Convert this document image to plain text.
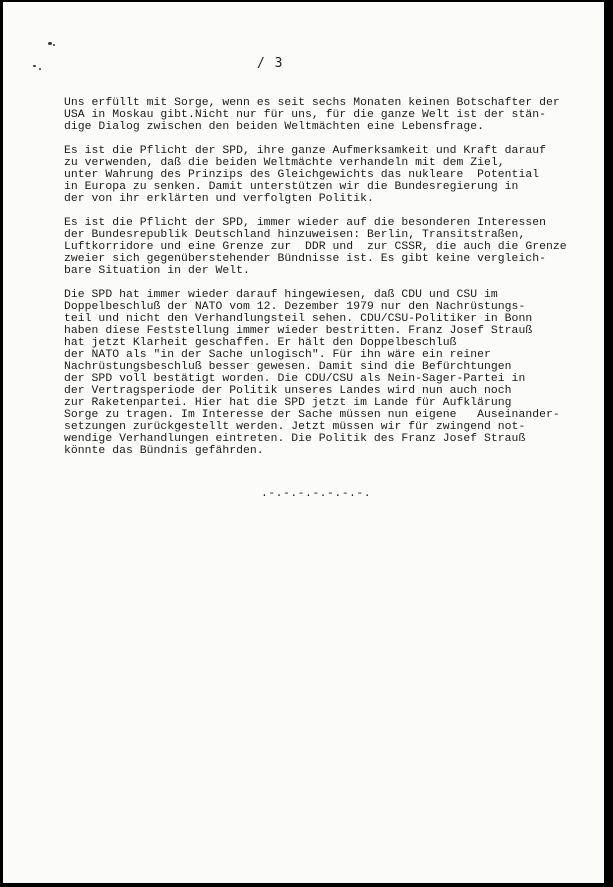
/ 3
Uns erfüllt mit Sorge, wenn es seit sechs Monaten keinen Botschafter der
USA in Moskau gibt.Nicht nur für uns, für die ganze Welt ist der stän-
dige Dialog zwischen den beiden Weltmächten eine Lebensfrage.
Es ist die Pflicht der SPD, ihre ganze Aufmerksamkeit und Kraft darauf
zu verwenden, daß die beiden Weltmächte verhandeln mit dem Ziel,
unter Wahrung des Prinzips des Gleichgewichts das nukleare  Potential
in Europa zu senken. Damit unterstützen wir die Bundesregierung in
der von ihr erklärten und verfolgten Politik.
Es ist die Pflicht der SPD, immer wieder auf die besonderen Interessen
der Bundesrepublik Deutschland hinzuweisen: Berlin, Transitstraßen,
Luftkorridore und eine Grenze zur  DDR und  zur CSSR, die auch die Grenze
zweier sich gegenüberstehender Bündnisse ist. Es gibt keine vergleich-
bare Situation in der Welt.
Die SPD hat immer wieder darauf hingewiesen, daß CDU und CSU im
Doppelbeschluß der NATO vom 12. Dezember 1979 nur den Nachrüstungs-
teil und nicht den Verhandlungsteil sehen. CDU/CSU-Politiker in Bonn
haben diese Feststellung immer wieder bestritten. Franz Josef Strauß
hat jetzt Klarheit geschaffen. Er hält den Doppelbeschluß
der NATO als "in der Sache unlogisch". Für ihn wäre ein reiner
Nachrüstungsbeschluß besser gewesen. Damit sind die Befürchtungen
der SPD voll bestätigt worden. Die CDU/CSU als Nein-Sager-Partei in
der Vertragsperiode der Politik unseres Landes wird nun auch noch
zur Raketenpartei. Hier hat die SPD jetzt im Lande für Aufklärung
Sorge zu tragen. Im Interesse der Sache müssen nun eigene   Auseinander-
setzungen zurückgestellt werden. Jetzt müssen wir für zwingend not-
wendige Verhandlungen eintreten. Die Politik des Franz Josef Strauß
könnte das Bündnis gefährden.
.-.-.-.-.-.-.-.
